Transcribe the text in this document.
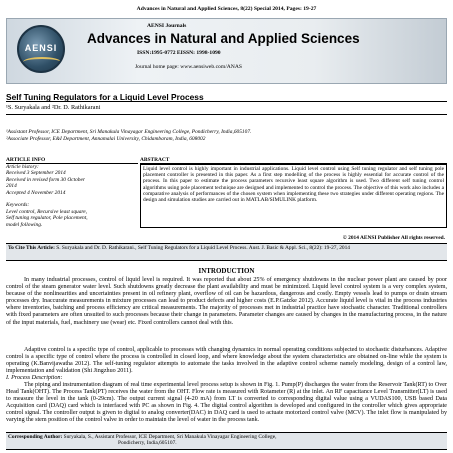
Advances in Natural and Applied Sciences, 8(22) Special 2014, Pages: 19-27
AENSI
AENSI Journals
Advances in Natural and Applied Sciences
ISSN:1995-0772 EISSN: 1998-1090
Journal home page: www.aensiweb.com/ANAS
Self Tuning Regulators for a Liquid Level Process
¹S. Suryakala and ²Dr. D. Rathikarani
¹Assistant Professor, ICE Department, Sri Manakula Vinayagar Engineering College, Pondicherry, India,605107.
²Associate Professor, E&I Department, Annamalai University, Chidambaram, India, 608002
ARTICLE INFO
Article history:
Received 3 September 2014
Received in revised form 30 October
2014
Accepted 4 November 2014

Keywords:
Level control, Recursive least square,
Self tuning regulator, Pole placement,
model following.
ABSTRACT
Liquid level control is highly important in industrial applications. Liquid level control using Self tuning regulator and self tuning pole placement controller is presented in this paper. As a first step modelling of the process is highly essential for accurate control of the process. In this paper to estimate the process parameters recursive least square algorithm is used. Two different self tuning control algorithms using pole placement technique are designed and implemented to control the process. The objective of this work also includes a comparative analysis of performances of the chosen system when implementing these two strategies under different operating regions. The design and simulation studies are carried out in MATLAB/SIMULINK platform.
© 2014 AENSI Publisher All rights reserved.
To Cite This Article: S. Suryakala and Dr. D. Rathikarani., Self Tuning Regulators for a Liquid Level Process. Aust. J. Basic & Appl. Sci., 8(22): 19-27, 2014
INTRODUCTION

In many industrial processes, control of liquid level is required. It was reported that about 25% of emergency shutdowns in the nuclear power plant are caused by poor control of the steam generator water level. Such shutdowns greatly decrease the plant availability and must be minimized. Liquid level control system is a very complex system, because of the nonlinearities and uncertainties present in oil refinery plant, overflow of oil can be hazardous, dangerous and costly. Empty vessels lead to pumps or drain stream processes dry. Inaccurate measurements in mixture processes can lead to product defects and higher costs (E.P.Gatzke 2012). Accurate liquid level is vital in the process industries where inventories, batching and process efficiency are critical measurements. The majority of processes met in industrial practice have stochastic character. Traditional controllers with fixed parameters are often unsuited to such processes because their change in parameters. Parameter changes are caused by changes in the manufacturing process, in the nature of the input materials, fuel, machinery use (wear) etc. Fixed controllers cannot deal with this.

Adaptive control is a specific type of control, applicable to processes with changing dynamics in normal operating conditions subjected to stochastic disturbances. Adaptive control is a specific type of control where the process is controlled in closed loop, and where knowledge about the system characteristics are obtained on-line while the system is operating (K.Banvijawatha 2012). The self-tuning regulator attempts to automate the tasks involved in the adaptive control scheme namely modeling, design of a control law, implementation and validation (Shi Jingzhuo 2011).

I. Process Description:

The piping and instrumentation diagram of real time experimental level process setup is shown in Fig. 1. Pump(P) discharges the water from the Reservoir Tank(RT) to Over Head Tank(OHT). The Process Tank(PT) receives the water from the OHT. Flow rate is measured with Rotameter (R) at the inlet. An RF capacitance Level Transmitter(LT) is used to measure the level in the tank (0-29cm). The output current signal (4-20 mA) from LT is converted to corresponding digital value using a VUDAS100, USB based Data Acquisition card (DAQ) card which is interfaced with PC as shown in Fig. 4. The digital control algorithm is developed and configured in the controller which gives appropriate control signal. The controller output is given to digital to analog converter(DAC) in DAQ card is used to actuate motorized control valve (MCV). The inlet flow is manipulated by varying the stem position of the control valve in order to maintain the level of water in the process tank.

Corresponding Author: Suryakala, S., Assistant Professor, ICE Department, Sri Manakula Vinayagar Engineering College,
Pondicherry, India,605107.
